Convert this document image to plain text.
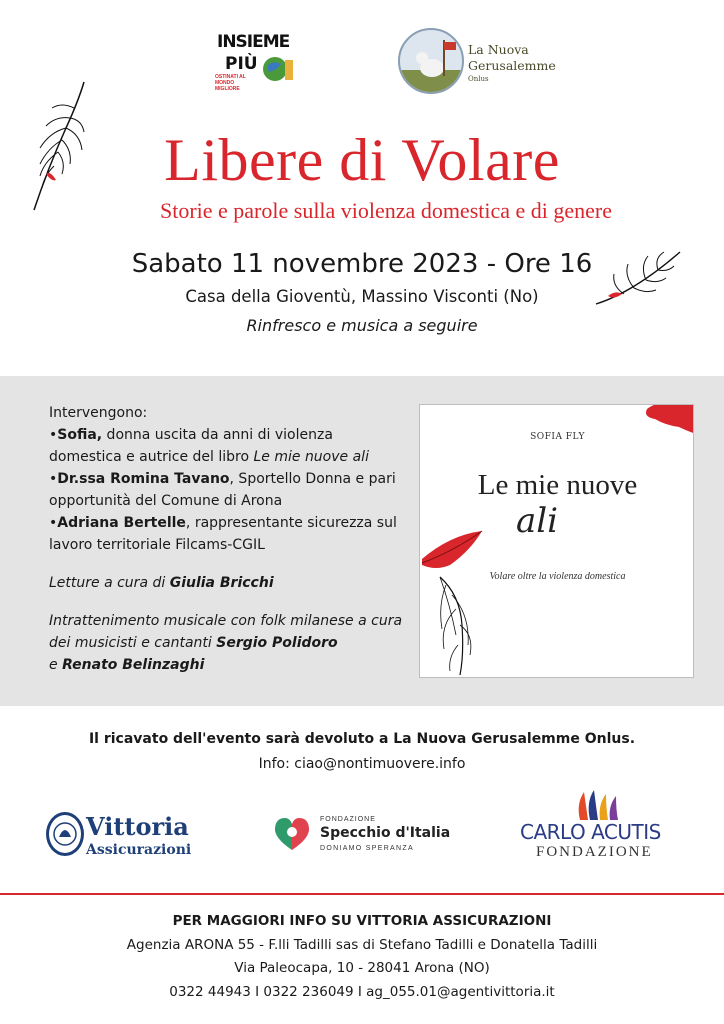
INSIEME
PIÙ
OSTINATI AL MONDO MIGLIORE
La Nuova
Gerusalemme
Onlus
Libere di Volare
Storie e parole sulla violenza domestica e di genere
Sabato 11 novembre 2023 - Ore 16
Casa della Gioventù, Massino Visconti (No)
Rinfresco e musica a seguire
Intervengono:
•Sofia, donna uscita da anni di violenza domestica e autrice del libro Le mie nuove ali
•Dr.ssa Romina Tavano, Sportello Donna e pari opportunità del Comune di Arona
•Adriana Bertelle, rappresentante sicurezza sul lavoro territoriale Filcams-CGIL
Letture a cura di Giulia Bricchi
Intrattenimento musicale con folk milanese a cura dei musicisti e cantanti Sergio Polidoro
e Renato Belinzaghi
SOFIA FLY
Le mie nuove
ali
Volare oltre la violenza domestica
Il ricavato dell'evento sarà devoluto a La Nuova Gerusalemme Onlus.
Info: ciao@nontimuovere.info
Vittoria
Assicurazioni
FONDAZIONE
Specchio d'Italia
DONIAMO SPERANZA
CARLO ACUTIS
FONDAZIONE
PER MAGGIORI INFO SU VITTORIA ASSICURAZIONI
Agenzia ARONA 55 - F.lli Tadilli sas di Stefano Tadilli e Donatella Tadilli
Via Paleocapa, 10 - 28041 Arona (NO)
0322 44943 I 0322 236049 I ag_055.01@agentivittoria.it
